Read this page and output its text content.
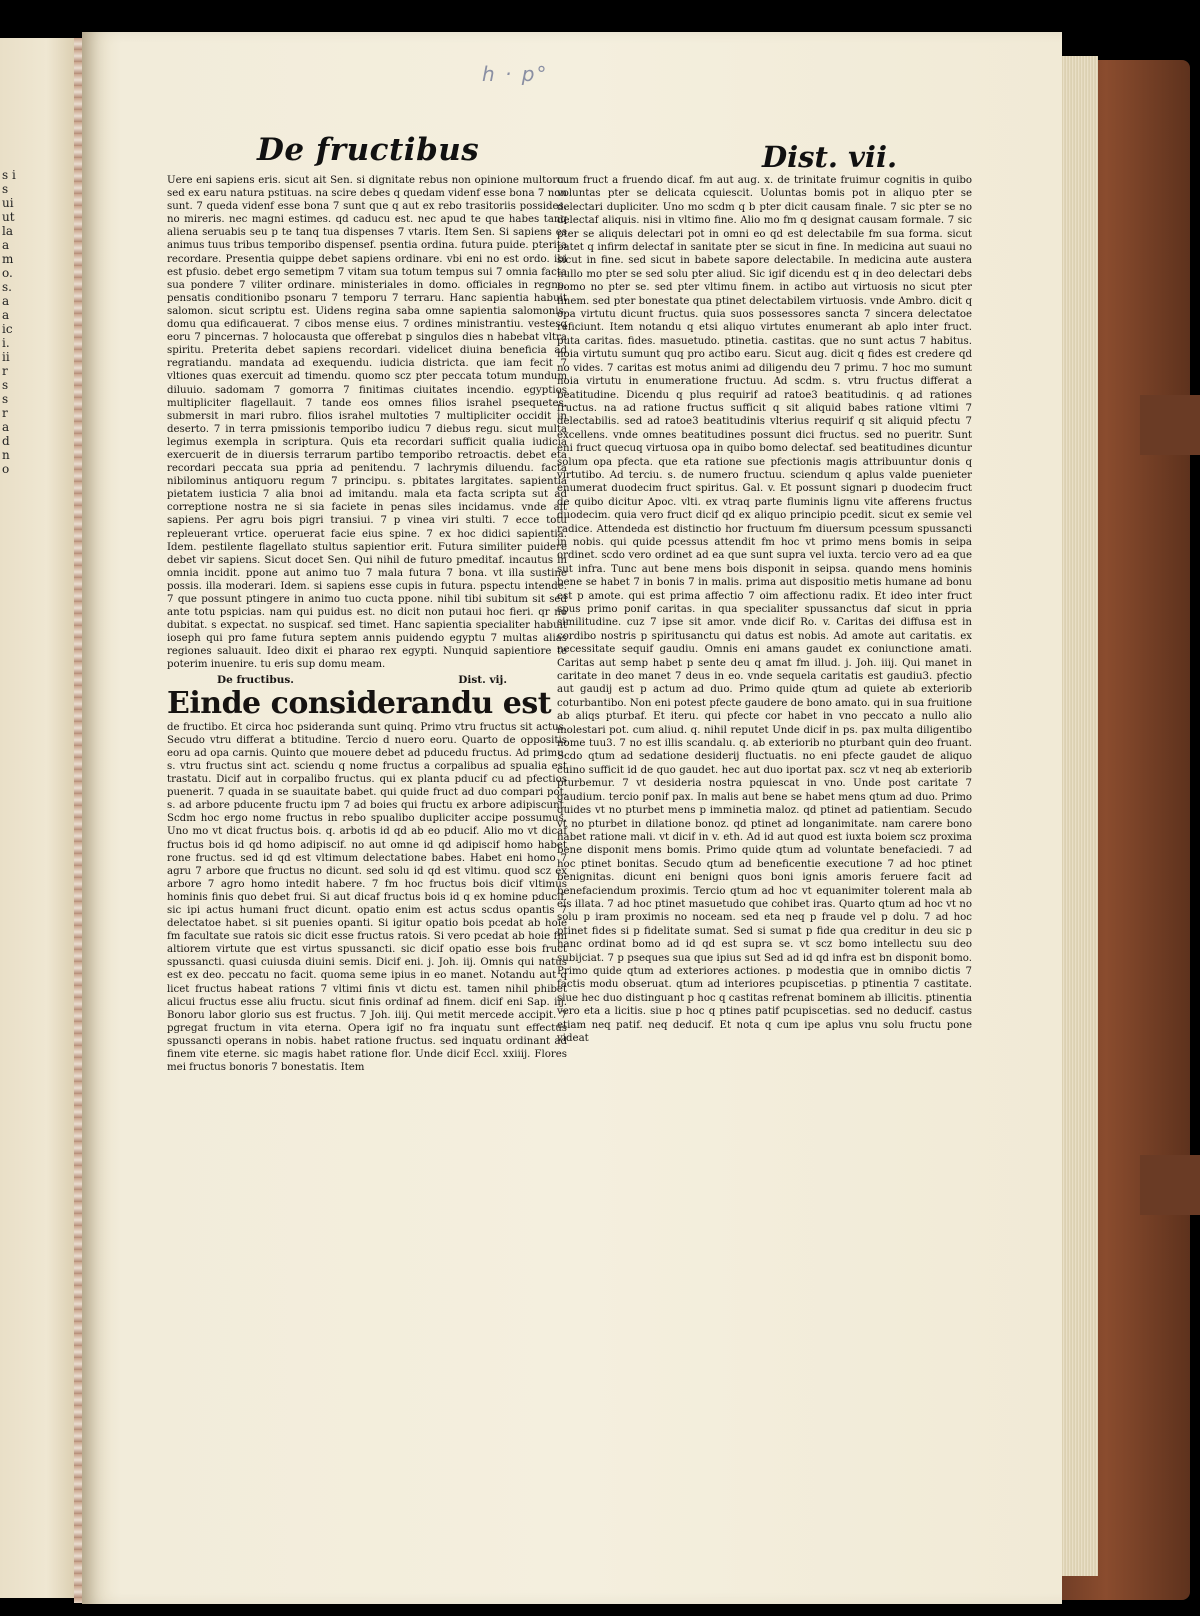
s is ui ut la a m o. s. a a ic i. ii r s s r a d n o
h · p°
De fructibus	Dist. vii.

Uere eni sapiens eris. sicut ait Sen. si dignitate rebus non opinione multoru. sed ex earu natura pstituas. na scire debes q quedam videnf esse bona 7 non sunt. 7 queda videnf esse bona 7 sunt que q aut ex rebo trasitoriis possides. no mireris. nec magni estimes. qd caducu est. nec apud te que habes tanq aliena seruabis seu p te tanq tua dispenses 7 vtaris. Item Sen. Si sapiens es animus tuus tribus temporibo dispensef. psentia ordina. futura puide. pterita recordare. Presentia quippe debet sapiens ordinare. vbi eni no est ordo. ibi est pfusio. debet ergo semetipm 7 vitam sua totum tempus sui 7 omnia facta sua pondere 7 viliter ordinare. ministeriales in domo. officiales in regno. pensatis conditionibo psonaru 7 temporu 7 terraru. Hanc sapientia habuit salomon. sicut scriptu est. Uidens regina saba omne sapientia salomonis. domu qua edificauerat. 7 cibos mense eius. 7 ordines ministrantiu. vestesq eoru 7 pincernas. 7 holocausta que offerebat p singulos dies n habebat vltra spiritu. Preterita debet sapiens recordari. videlicet diuina beneficia ad regratiandu. mandata ad exequendu. iudicia districta. que iam fecit 7 vltiones quas exercuit ad timendu. quomo scz pter peccata totum mundum diluuio. sadomam 7 gomorra 7 finitimas ciuitates incendio. egyptios multipliciter flagellauit. 7 tande eos omnes filios israhel psequetes. submersit in mari rubro. filios israhel multoties 7 multipliciter occidit in deserto. 7 in terra pmissionis temporibo iudicu 7 diebus regu. sicut multa legimus exempla in scriptura. Quis eta recordari sufficit qualia iudicia exercuerit de in diuersis terrarum partibo temporibo retroactis. debet eta recordari peccata sua ppria ad penitendu. 7 lachrymis diluendu. facta nibilominus antiquoru regum 7 principu. s. pbitates largitates. sapientia pietatem iusticia 7 alia bnoi ad imitandu. mala eta facta scripta sut ad correptione nostra ne si sia faciete in penas siles incidamus. vnde ait sapiens. Per agru bois pigri transiui. 7 p vinea viri stulti. 7 ecce totu repleuerant vrtice. operuerat facie eius spine. 7 ex hoc didici sapientia. Idem. pestilente flagellato stultus sapientior erit. Futura similiter puidere debet vir sapiens. Sicut docet Sen. Qui nihil de futuro pmeditaf. incautus in omnia incidit. ppone aut animo tuo 7 mala futura 7 bona. vt illa sustine possis. illa moderari. Idem. si sapiens esse cupis in futura. pspectu intende. 7 que possunt ptingere in animo tuo cucta ppone. nihil tibi subitum sit sed ante totu pspicias. nam qui puidus est. no dicit non putaui hoc fieri. qr no dubitat. s expectat. no suspicaf. sed timet. Hanc sapientia specialiter habuit ioseph qui pro fame futura septem annis puidendo egyptu 7 multas alias regiones saluauit. Ideo dixit ei pharao rex egypti. Nunquid sapientiore te poterim inuenire. tu eris sup domu meam.

De fructibus.	Dist. vij.
Einde considerandu est

de fructibo. Et circa hoc psideranda sunt quinq. Primo vtru fructus sit actus. Secudo vtru differat a btitudine. Tercio d nuero eoru. Quarto de oppositis eoru ad opa carnis. Quinto que mouere debet ad pducedu fructus. Ad primu. s. vtru fructus sint act. sciendu q nome fructus a corpalibus ad spualia est trastatu. Dicif aut in corpalibo fructus. qui ex planta pducif cu ad pfectios puenerit. 7 quada in se suauitate babet. qui quide fruct ad duo compari pot. s. ad arbore pducente fructu ipm 7 ad boies qui fructu ex arbore adipiscunt. Scdm hoc ergo nome fructus in rebo spualibo dupliciter accipe possumus. Uno mo vt dicat fructus bois. q. arbotis id qd ab eo pducif. Alio mo vt dicaf fructus bois id qd homo adipiscif. no aut omne id qd adipiscif homo habet rone fructus. sed id qd est vltimum delectatione babes. Habet eni homo 7 agru 7 arbore que fructus no dicunt. sed solu id qd est vltimu. quod scz ex arbore 7 agro homo intedit habere. 7 fm hoc fructus bois dicif vltimus hominis finis quo debet frui. Si aut dicaf fructus bois id q ex homine pducif. sic ipi actus humani fruct dicunt. opatio enim est actus scdus opantis 7 delectatoe habet. si sit puenies opanti. Si igitur opatio bois pcedat ab hoie fm facultate sue ratois sic dicit esse fructus ratois. Si vero pcedat ab hoie fm altiorem virtute que est virtus spussancti. sic dicif opatio esse bois fruct spussancti. quasi cuiusda diuini semis. Dicif eni. j. Joh. iij. Omnis qui natus est ex deo. peccatu no facit. quoma seme ipius in eo manet. Notandu aut q licet fructus habeat rations 7 vltimi finis vt dictu est. tamen nihil phibet alicui fructus esse aliu fructu. sicut finis ordinaf ad finem. dicif eni Sap. iij. Bonoru labor glorio sus est fructus. 7 Joh. iiij. Qui metit mercede accipit. 7 pgregat fructum in vita eterna. Opera igif no fra inquatu sunt effectus spussancti operans in nobis. habet ratione fructus. sed inquatu ordinant ad finem vite eterne. sic magis habet ratione flor. Unde dicif Eccl. xxiiij. Flores mei fructus bonoris 7 bonestatis. Item

cum fruct a fruendo dicaf. fm aut aug. x. de trinitate fruimur cognitis in quibo voluntas pter se delicata cquiescit. Uoluntas bomis pot in aliquo pter se delectari dupliciter. Uno mo scdm q b pter dicit causam finale. 7 sic pter se no delectaf aliquis. nisi in vltimo fine. Alio mo fm q designat causam formale. 7 sic pter se aliquis delectari pot in omni eo qd est delectabile fm sua forma. sicut patet q infirm delectaf in sanitate pter se sicut in fine. In medicina aut suaui no sicut in fine. sed sicut in babete sapore delectabile. In medicina aute austera nullo mo pter se sed solu pter aliud. Sic igif dicendu est q in deo delectari debs bomo no pter se. sed pter vltimu finem. in actibo aut virtuosis no sicut pter finem. sed pter bonestate qua ptinet delectabilem virtuosis. vnde Ambro. dicit q opa virtutu dicunt fructus. quia suos possessores sancta 7 sincera delectatoe reficiunt. Item notandu q etsi aliquo virtutes enumerant ab aplo inter fruct. puta caritas. fides. masuetudo. ptinetia. castitas. que no sunt actus 7 habitus. noia virtutu sumunt quq pro actibo earu. Sicut aug. dicit q fides est credere qd no vides. 7 caritas est motus animi ad diligendu deu 7 primu. 7 hoc mo sumunt noia virtutu in enumeratione fructuu. Ad scdm. s. vtru fructus differat a beatitudine. Dicendu q plus requirif ad ratoe3 beatitudinis. q ad rationes fructus. na ad ratione fructus sufficit q sit aliquid babes ratione vltimi 7 delectabilis. sed ad ratoe3 beatitudinis vlterius requirif q sit aliquid pfectu 7 excellens. vnde omnes beatitudines possunt dici fructus. sed no pueritr. Sunt eni fruct quecuq virtuosa opa in quibo bomo delectaf. sed beatitudines dicuntur solum opa pfecta. que eta ratione sue pfectionis magis attribuuntur donis q virtutibo. Ad terciu. s. de numero fructuu. sciendum q aplus valde puenieter enumerat duodecim fruct spiritus. Gal. v. Et possunt signari p duodecim fruct de quibo dicitur Apoc. vlti. ex vtraq parte fluminis lignu vite afferens fructus duodecim. quia vero fruct dicif qd ex aliquo principio pcedit. sicut ex semie vel radice. Attendeda est distinctio hor fructuum fm diuersum pcessum spussancti in nobis. qui quide pcessus attendit fm hoc vt primo mens bomis in seipa ordinet. scdo vero ordinet ad ea que sunt supra vel iuxta. tercio vero ad ea que sut infra. Tunc aut bene mens bois disponit in seipsa. quando mens hominis bene se habet 7 in bonis 7 in malis. prima aut dispositio metis humane ad bonu est p amote. qui est prima affectio 7 oim affectionu radix. Et ideo inter fruct spus primo ponif caritas. in qua specialiter spussanctus daf sicut in ppria similitudine. cuz 7 ipse sit amor. vnde dicif Ro. v. Caritas dei diffusa est in cordibo nostris p spiritusanctu qui datus est nobis. Ad amote aut caritatis. ex necessitate sequif gaudiu. Omnis eni amans gaudet ex coniunctione amati. Caritas aut semp habet p sente deu q amat fm illud. j. Joh. iiij. Qui manet in caritate in deo manet 7 deus in eo. vnde sequela caritatis est gaudiu3. pfectio aut gaudij est p actum ad duo. Primo quide qtum ad quiete ab exteriorib coturbantibo. Non eni potest pfecte gaudere de bono amato. qui in sua fruitione ab aliqs pturbaf. Et iteru. qui pfecte cor habet in vno peccato a nullo alio molestari pot. cum aliud. q. nihil reputet Unde dicif in ps. pax multa diligentibo nome tuu3. 7 no est illis scandalu. q. ab exteriorib no pturbant quin deo fruant. Scdo qtum ad sedatione desiderij fluctuatis. no eni pfecte gaudet de aliquo cuino sufficit id de quo gaudet. hec aut duo iportat pax. scz vt neq ab exteriorib pturbemur. 7 vt desideria nostra pquiescat in vno. Unde post caritate 7 gaudium. tercio ponif pax. In malis aut bene se habet mens qtum ad duo. Primo quides vt no pturbet mens p imminetia maloz. qd ptinet ad patientiam. Secudo vt no pturbet in dilatione bonoz. qd ptinet ad longanimitate. nam carere bono habet ratione mali. vt dicif in v. eth. Ad id aut quod est iuxta boiem scz proxima bene disponit mens bomis. Primo quide qtum ad voluntate benefaciedi. 7 ad hoc ptinet bonitas. Secudo qtum ad beneficentie executione 7 ad hoc ptinet benignitas. dicunt eni benigni quos boni ignis amoris feruere facit ad benefaciendum proximis. Tercio qtum ad hoc vt equanimiter tolerent mala ab eis illata. 7 ad hoc ptinet masuetudo que cohibet iras. Quarto qtum ad hoc vt no solu p iram proximis no noceam. sed eta neq p fraude vel p dolu. 7 ad hoc ptinet fides si p fidelitate sumat. Sed si sumat p fide qua creditur in deu sic p hanc ordinat bomo ad id qd est supra se. vt scz bomo intellectu suu deo subijciat. 7 p pseques sua que ipius sut Sed ad id qd infra est bn disponit bomo. Primo quide qtum ad exteriores actiones. p modestia que in omnibo dictis 7 factis modu obseruat. qtum ad interiores pcupiscetias. p ptinentia 7 castitate. siue hec duo distinguant p hoc q castitas refrenat bominem ab illicitis. ptinentia vero eta a licitis. siue p hoc q ptines patif pcupiscetias. sed no deducif. castus etiam neq patif. neq deducif. Et nota q cum ipe aplus vnu solu fructu pone videat
